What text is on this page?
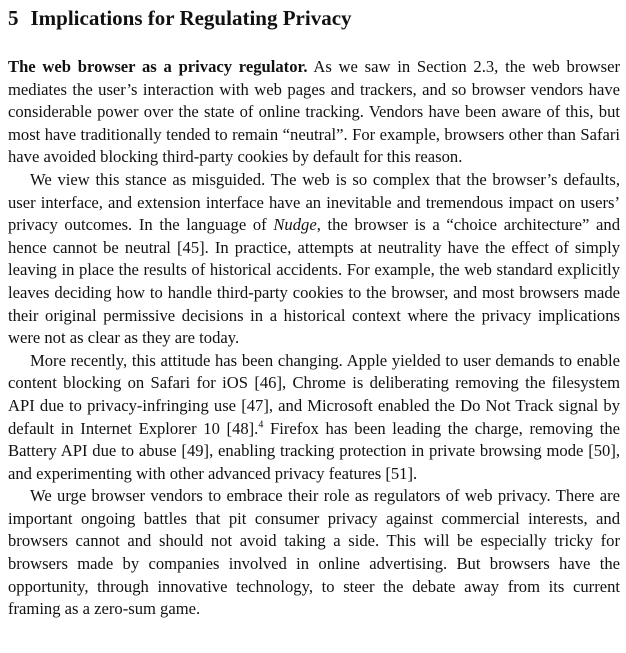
5 Implications for Regulating Privacy

The web browser as a privacy regulator. As we saw in Section 2.3, the web browser mediates the user’s interaction with web pages and trackers, and so browser vendors have considerable power over the state of online tracking. Vendors have been aware of this, but most have traditionally tended to remain “neutral”. For example, browsers other than Safari have avoided blocking third-party cookies by default for this reason.

We view this stance as misguided. The web is so complex that the browser’s defaults, user interface, and extension interface have an inevitable and tremendous impact on users’ privacy outcomes. In the language of Nudge, the browser is a “choice architecture” and hence cannot be neutral [45]. In practice, attempts at neutrality have the effect of simply leaving in place the results of historical accidents. For example, the web standard explicitly leaves deciding how to handle third-party cookies to the browser, and most browsers made their original permissive decisions in a historical context where the privacy implications were not as clear as they are today.

More recently, this attitude has been changing. Apple yielded to user demands to enable content blocking on Safari for iOS [46], Chrome is deliberating removing the filesystem API due to privacy-infringing use [47], and Microsoft enabled the Do Not Track signal by default in Internet Explorer 10 [48].$^4$ Firefox has been leading the charge, removing the Battery API due to abuse [49], enabling tracking protection in private browsing mode [50], and experimenting with other advanced privacy features [51].

We urge browser vendors to embrace their role as regulators of web privacy. There are important ongoing battles that pit consumer privacy against commercial interests, and browsers cannot and should not avoid taking a side. This will be especially tricky for browsers made by companies involved in online advertising. But browsers have the opportunity, through innovative technology, to steer the debate away from its current framing as a zero-sum game.
